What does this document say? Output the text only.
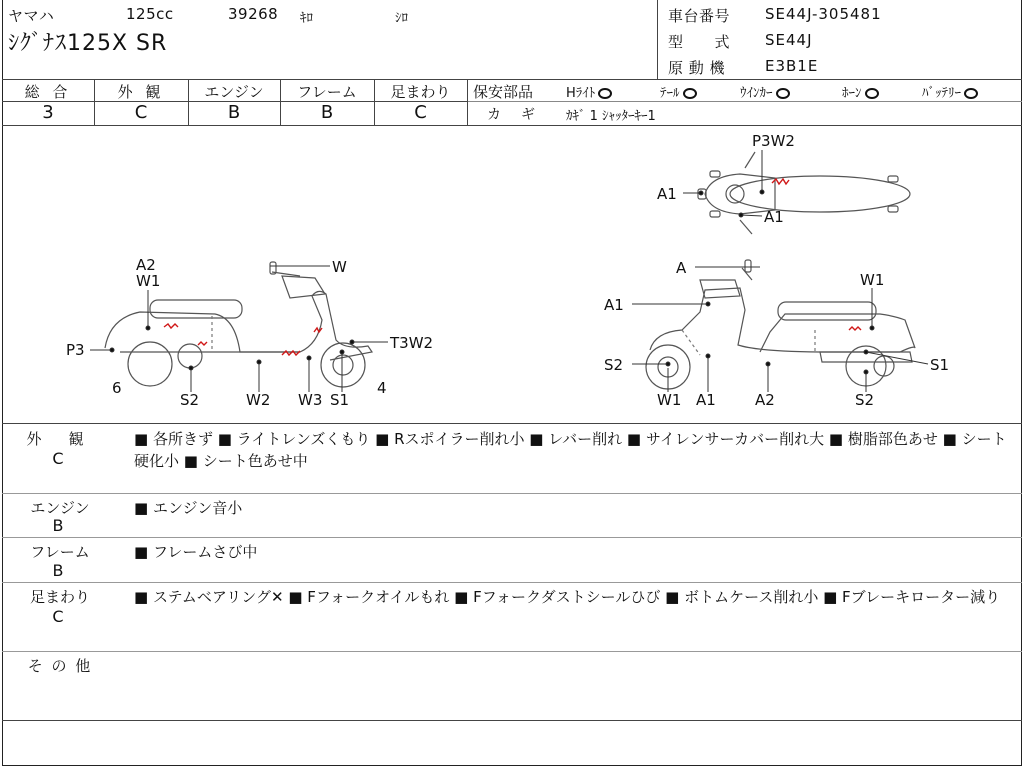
ヤマハ	125cc	39268 ｷﾛ	ｼﾛ
ｼｸﾞﾅｽ125X SR
車台番号 SE44J-305481
型　　式 SE44J
原 動 機	E3B1E
総 合	外 観	エンジン	フレーム	足まわり
3	C	B	B	C
保安部品	Hﾗｲﾄ	ﾃｰﾙ	ｳｲﾝｶｰ	ﾎｰﾝ	ﾊﾞｯﾃﾘｰ
カ　ギ ｶｷﾞ 1 ｼｬｯﾀｰｷｰ1
P3W2
A1
A1
A2
W1
W
P3	T3W2
6	4
S2	W2 W3 S1
A
W1
A1
S2	S1
W1 A1	A2	S2
外　観
C
■ 各所きず ■ ライトレンズくもり ■ Rスポイラー削れ小 ■ レバー削れ ■ サイレンサーカバー削れ大 ■ 樹脂部色あせ ■ シート硬化小 ■ シート色あせ中
エンジン
B
■ エンジン音小
フレーム
B
■ フレームさび中
足まわり
C
■ ステムベアリング✕ ■ Fフォークオイルもれ ■ Fフォークダストシールひび ■ ボトムケース削れ小 ■ Fブレーキローター減り
そ の 他
